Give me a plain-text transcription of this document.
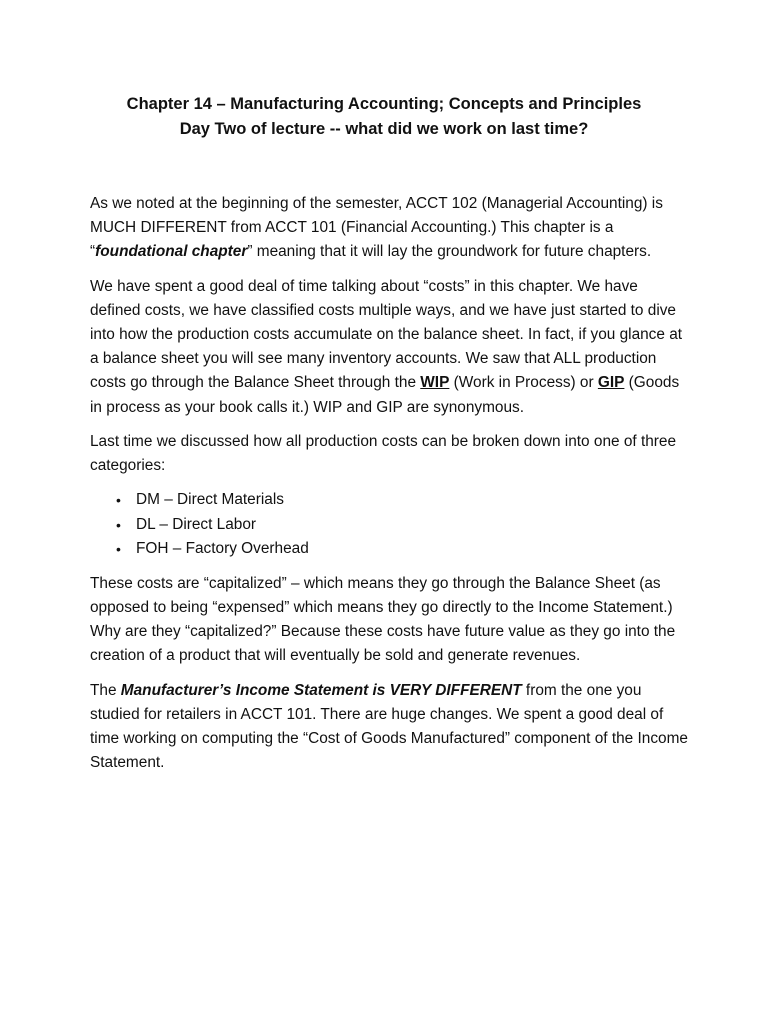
Chapter 14 – Manufacturing Accounting; Concepts and Principles
Day Two of lecture -- what did we work on last time?

As we noted at the beginning of the semester, ACCT 102 (Managerial Accounting) is MUCH DIFFERENT from ACCT 101 (Financial Accounting.) This chapter is a “foundational chapter” meaning that it will lay the groundwork for future chapters.

We have spent a good deal of time talking about “costs” in this chapter. We have defined costs, we have classified costs multiple ways, and we have just started to dive into how the production costs accumulate on the balance sheet. In fact, if you glance at a balance sheet you will see many inventory accounts. We saw that ALL production costs go through the Balance Sheet through the WIP (Work in Process) or GIP (Goods in process as your book calls it.) WIP and GIP are synonymous.

Last time we discussed how all production costs can be broken down into one of three categories:

• DM – Direct Materials
• DL – Direct Labor
• FOH – Factory Overhead

These costs are “capitalized” – which means they go through the Balance Sheet (as opposed to being “expensed” which means they go directly to the Income Statement.) Why are they “capitalized?” Because these costs have future value as they go into the creation of a product that will eventually be sold and generate revenues.

The Manufacturer’s Income Statement is VERY DIFFERENT from the one you studied for retailers in ACCT 101. There are huge changes. We spent a good deal of time working on computing the “Cost of Goods Manufactured” component of the Income Statement.
